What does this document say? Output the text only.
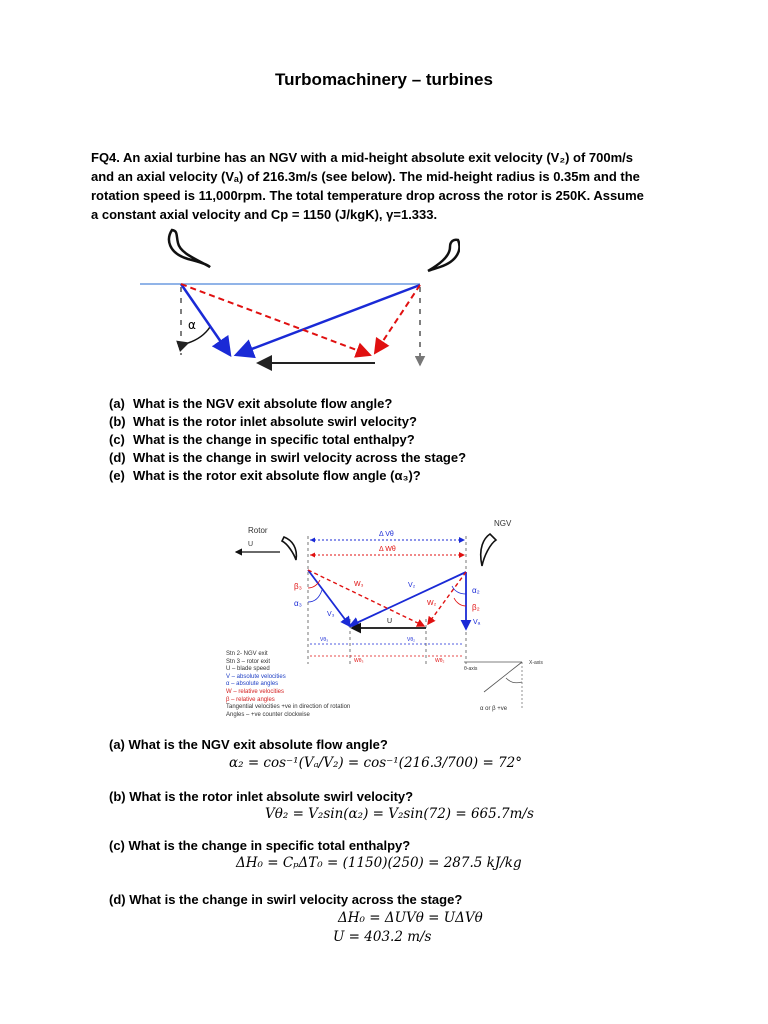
Turbomachinery – turbines

FQ4. An axial turbine has an NGV with a mid-height absolute exit velocity (V₂) of 700m/s

and an axial velocity (Vₐ) of 216.3m/s (see below). The mid-height radius is 0.35m and the

rotation speed is 11,000rpm. The total temperature drop across the rotor is 250K. Assume

a constant axial velocity and Cp = 1150 (J/kgK), γ=1.333.

α
(a) What is the NGV exit absolute flow angle?
(b) What is the rotor inlet absolute swirl velocity?
(c) What is the change in specific total enthalpy?
(d) What is the change in swirl velocity across the stage?
(e) What is the rotor exit absolute flow angle (α₃)?
Rotor
NGV
U
Δ Vθ
Δ Wθ
U
W₃
V₃
V₂
W₂
β₃
α₃
α₂
β₂
Vₐ
Vθ₃	Vθ₂
Wθ₃	Wθ₂	X-axis
θ-axis
α or β +ve
Stn 2- NGV exit
Stn 3 – rotor exit
U – blade speed
V – absolute velocities
α – absolute angles
W – relative velocities
β – relative angles
Tangential velocities +ve in direction of rotation
Angles – +ve counter clockwise
(a) What is the NGV exit absolute flow angle?
α₂ = cos⁻¹(Vₐ/V₂) = cos⁻¹(216.3/700) = 72°
(b) What is the rotor inlet absolute swirl velocity?
Vθ₂ = V₂sin(α₂) = V₂sin(72) = 665.7m/s
(c) What is the change in specific total enthalpy?
ΔH₀ = CₚΔT₀ = (1150)(250) = 287.5 kJ/kg
(d) What is the change in swirl velocity across the stage?
ΔH₀ = ΔUVθ = UΔVθ
U = 403.2 m/s
